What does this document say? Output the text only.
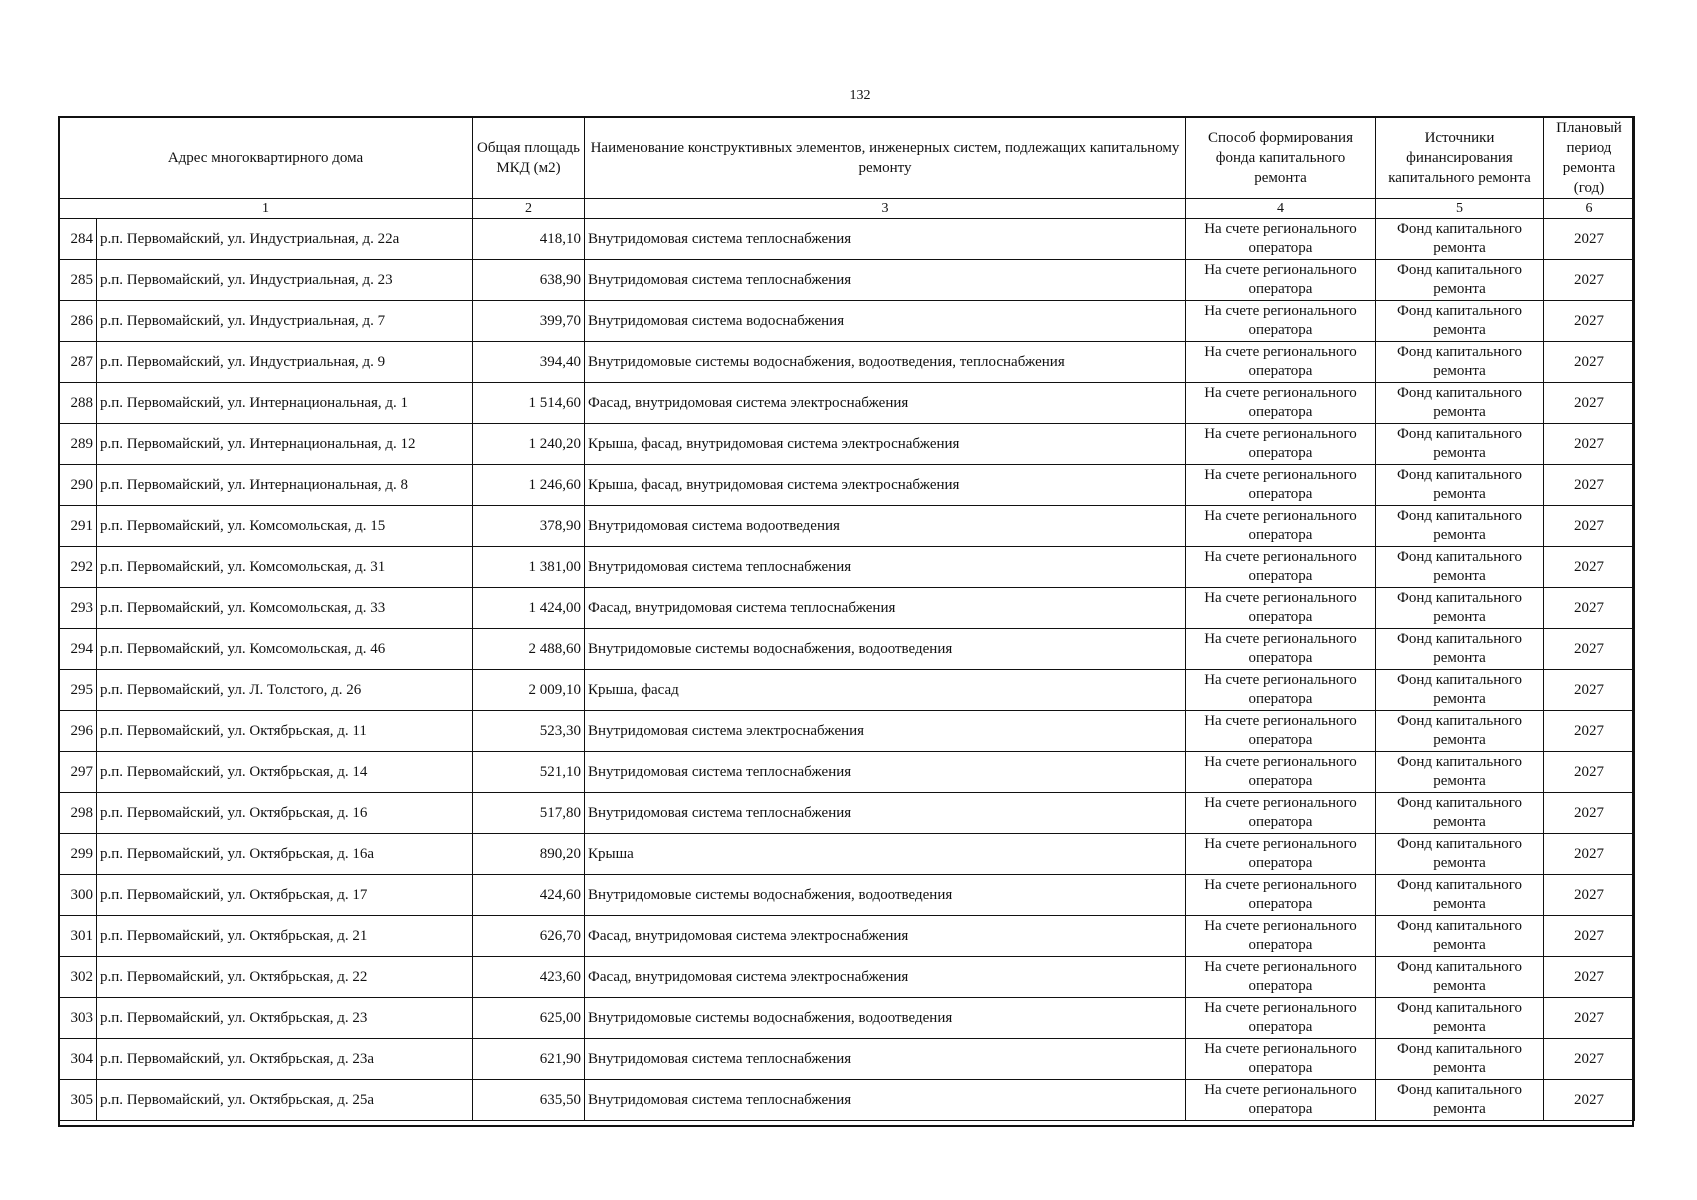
132
Адрес многоквартирного дома		Общая площадь МКД (м2)	Наименование конструктивных элементов, инженерных систем, подлежащих капитальному ремонту	Способ формирования фонда капитального ремонта	Источники финансирования капитального ремонта	Плановый период ремонта (год)
1		2	3	4	5	6
284	р.п. Первомайский, ул. Индустриальная, д. 22а	418,10	Внутридомовая система теплоснабжения	На счете регионального оператора	Фонд капитального ремонта	2027
285	р.п. Первомайский, ул. Индустриальная, д. 23	638,90	Внутридомовая система теплоснабжения	На счете регионального оператора	Фонд капитального ремонта	2027
286	р.п. Первомайский, ул. Индустриальная, д. 7	399,70	Внутридомовая система водоснабжения	На счете регионального оператора	Фонд капитального ремонта	2027
287	р.п. Первомайский, ул. Индустриальная, д. 9	394,40	Внутридомовые системы водоснабжения, водоотведения, теплоснабжения	На счете регионального оператора	Фонд капитального ремонта	2027
288	р.п. Первомайский, ул. Интернациональная, д. 1	1 514,60	Фасад, внутридомовая система электроснабжения	На счете регионального оператора	Фонд капитального ремонта	2027
289	р.п. Первомайский, ул. Интернациональная, д. 12	1 240,20	Крыша, фасад, внутридомовая система электроснабжения	На счете регионального оператора	Фонд капитального ремонта	2027
290	р.п. Первомайский, ул. Интернациональная, д. 8	1 246,60	Крыша, фасад, внутридомовая система электроснабжения	На счете регионального оператора	Фонд капитального ремонта	2027
291	р.п. Первомайский, ул. Комсомольская, д. 15	378,90	Внутридомовая система водоотведения	На счете регионального оператора	Фонд капитального ремонта	2027
292	р.п. Первомайский, ул. Комсомольская, д. 31	1 381,00	Внутридомовая система теплоснабжения	На счете регионального оператора	Фонд капитального ремонта	2027
293	р.п. Первомайский, ул. Комсомольская, д. 33	1 424,00	Фасад, внутридомовая система теплоснабжения	На счете регионального оператора	Фонд капитального ремонта	2027
294	р.п. Первомайский, ул. Комсомольская, д. 46	2 488,60	Внутридомовые системы водоснабжения, водоотведения	На счете регионального оператора	Фонд капитального ремонта	2027
295	р.п. Первомайский, ул. Л. Толстого, д. 26	2 009,10	Крыша, фасад	На счете регионального оператора	Фонд капитального ремонта	2027
296	р.п. Первомайский, ул. Октябрьская, д. 11	523,30	Внутридомовая система электроснабжения	На счете регионального оператора	Фонд капитального ремонта	2027
297	р.п. Первомайский, ул. Октябрьская, д. 14	521,10	Внутридомовая система теплоснабжения	На счете регионального оператора	Фонд капитального ремонта	2027
298	р.п. Первомайский, ул. Октябрьская, д. 16	517,80	Внутридомовая система теплоснабжения	На счете регионального оператора	Фонд капитального ремонта	2027
299	р.п. Первомайский, ул. Октябрьская, д. 16а	890,20	Крыша	На счете регионального оператора	Фонд капитального ремонта	2027
300	р.п. Первомайский, ул. Октябрьская, д. 17	424,60	Внутридомовые системы водоснабжения, водоотведения	На счете регионального оператора	Фонд капитального ремонта	2027
301	р.п. Первомайский, ул. Октябрьская, д. 21	626,70	Фасад, внутридомовая система электроснабжения	На счете регионального оператора	Фонд капитального ремонта	2027
302	р.п. Первомайский, ул. Октябрьская, д. 22	423,60	Фасад, внутридомовая система электроснабжения	На счете регионального оператора	Фонд капитального ремонта	2027
303	р.п. Первомайский, ул. Октябрьская, д. 23	625,00	Внутридомовые системы водоснабжения, водоотведения	На счете регионального оператора	Фонд капитального ремонта	2027
304	р.п. Первомайский, ул. Октябрьская, д. 23а	621,90	Внутридомовая система теплоснабжения	На счете регионального оператора	Фонд капитального ремонта	2027
305	р.п. Первомайский, ул. Октябрьская, д. 25а	635,50	Внутридомовая система теплоснабжения	На счете регионального оператора	Фонд капитального ремонта	2027
